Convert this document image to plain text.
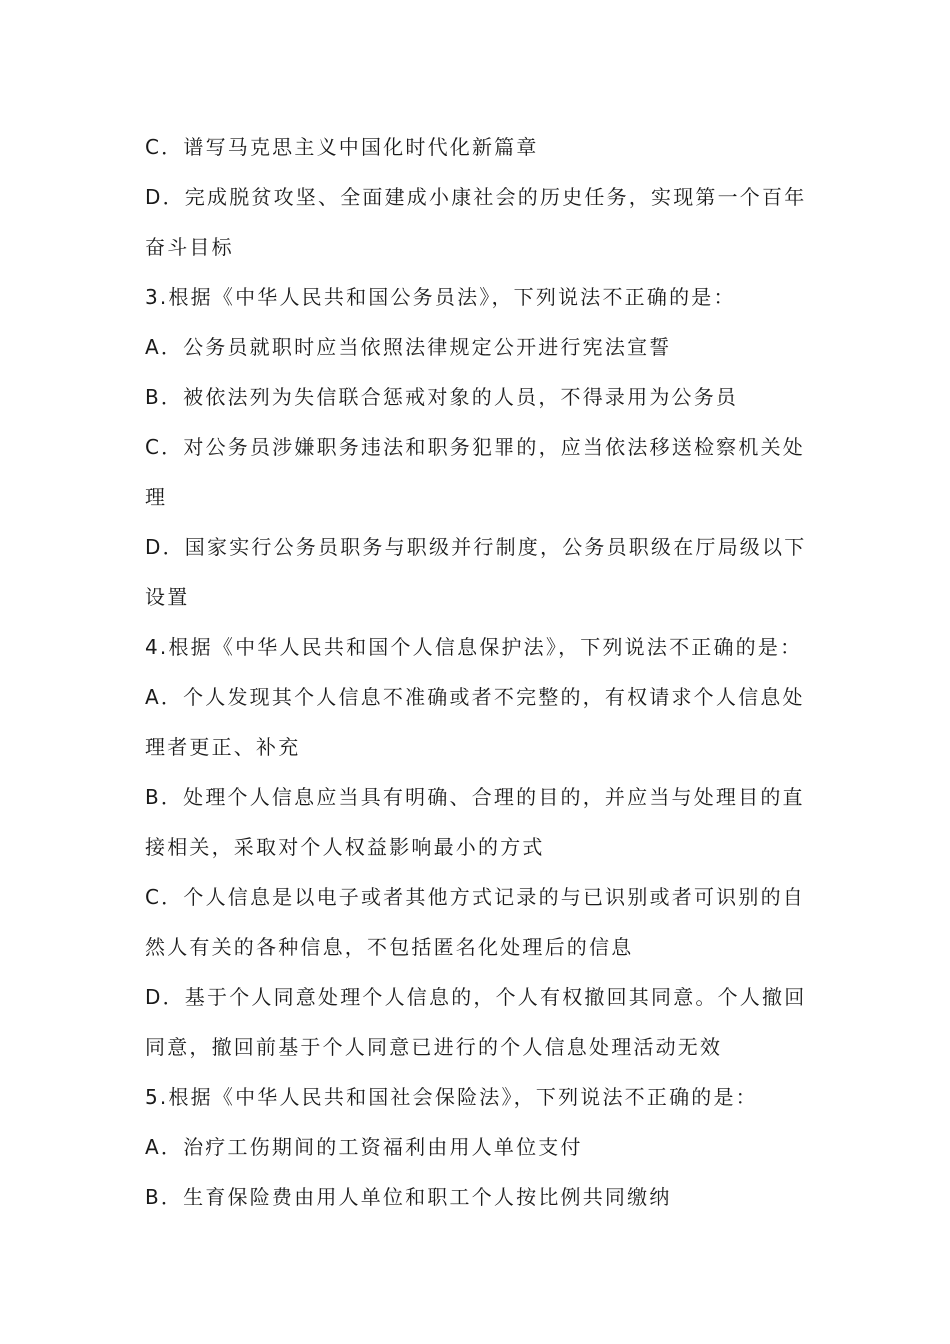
C．谱写马克思主义中国化时代化新篇章
D．完成脱贫攻坚、全面建成小康社会的历史任务，实现第一个百年
奋斗目标
3.根据《中华人民共和国公务员法》，下列说法不正确的是：
A．公务员就职时应当依照法律规定公开进行宪法宣誓
B．被依法列为失信联合惩戒对象的人员，不得录用为公务员
C．对公务员涉嫌职务违法和职务犯罪的，应当依法移送检察机关处
理
D．国家实行公务员职务与职级并行制度，公务员职级在厅局级以下
设置
4.根据《中华人民共和国个人信息保护法》，下列说法不正确的是：
A．个人发现其个人信息不准确或者不完整的，有权请求个人信息处
理者更正、补充
B．处理个人信息应当具有明确、合理的目的，并应当与处理目的直
接相关，采取对个人权益影响最小的方式
C．个人信息是以电子或者其他方式记录的与已识别或者可识别的自
然人有关的各种信息，不包括匿名化处理后的信息
D．基于个人同意处理个人信息的，个人有权撤回其同意。个人撤回
同意，撤回前基于个人同意已进行的个人信息处理活动无效
5.根据《中华人民共和国社会保险法》，下列说法不正确的是：
A．治疗工伤期间的工资福利由用人单位支付
B．生育保险费由用人单位和职工个人按比例共同缴纳
